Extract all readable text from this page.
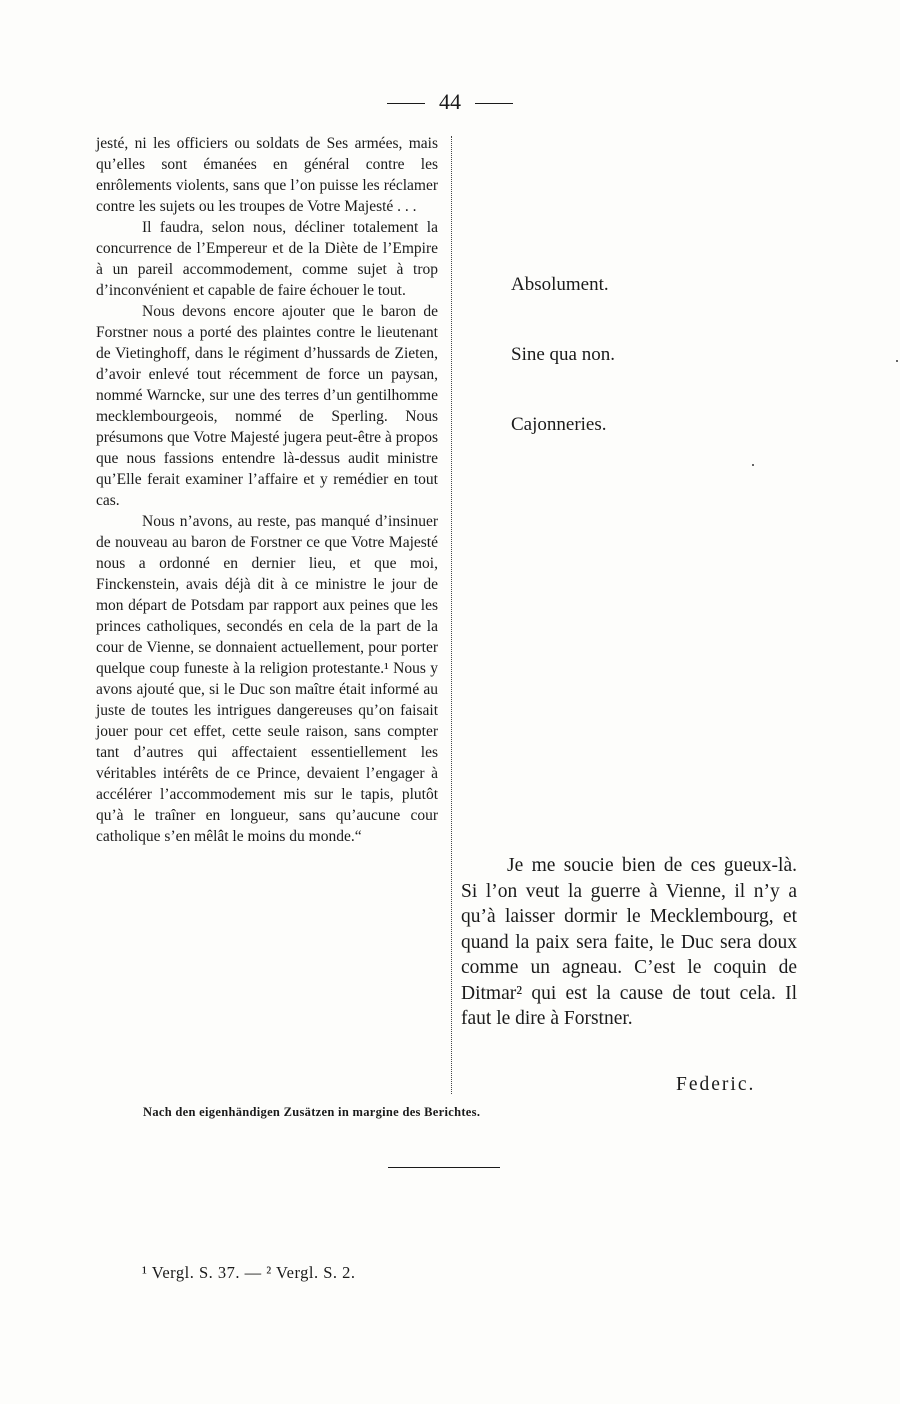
44

jesté, ni les officiers ou soldats de Ses armées, mais qu’elles sont émanées en général contre les enrôlements violents, sans que l’on puisse les réclamer contre les sujets ou les troupes de Votre Majesté . . .

Il faudra, selon nous, décliner totalement la concurrence de l’Empereur et de la Diète de l’Empire à un pareil accommodement, comme sujet à trop d’inconvénient et capable de faire échouer le tout.

Nous devons encore ajouter que le baron de Forstner nous a porté des plaintes contre le lieutenant de Vietinghoff, dans le régiment d’hussards de Zieten, d’avoir enlevé tout récemment de force un paysan, nommé Warncke, sur une des terres d’un gentilhomme mecklembourgeois, nommé de Sperling. Nous présumons que Votre Majesté jugera peut-être à propos que nous fassions entendre là-dessus audit ministre qu’Elle ferait examiner l’affaire et y remédier en tout cas.

Nous n’avons, au reste, pas manqué d’insinuer de nouveau au baron de Forstner ce que Votre Majesté nous a ordonné en dernier lieu, et que moi, Finckenstein, avais déjà dit à ce ministre le jour de mon départ de Potsdam par rapport aux peines que les princes catholiques, secondés en cela de la part de la cour de Vienne, se donnaient actuellement, pour porter quelque coup funeste à la religion protestante.¹ Nous y avons ajouté que, si le Duc son maître était informé au juste de toutes les intrigues dangereuses qu’on faisait jouer pour cet effet, cette seule raison, sans compter tant d’autres qui affectaient essentiellement les véritables intérêts de ce Prince, devaient l’engager à accélérer l’accommodement mis sur le tapis, plutôt qu’à le traîner en longueur, sans qu’aucune cour catholique s’en mêlât le moins du monde.“

Absolument.
Sine qua non.
Cajonneries.

Je me soucie bien de ces gueux-là. Si l’on veut la guerre à Vienne, il n’y a qu’à laisser dormir le Mecklembourg, et quand la paix sera faite, le Duc sera doux comme un agneau. C’est le coquin de Ditmar² qui est la cause de tout cela. Il faut le dire à Forstner.

Federic.
Nach den eigenhändigen Zusätzen in margine des Berichtes.
¹ Vergl. S. 37. — ² Vergl. S. 2.
